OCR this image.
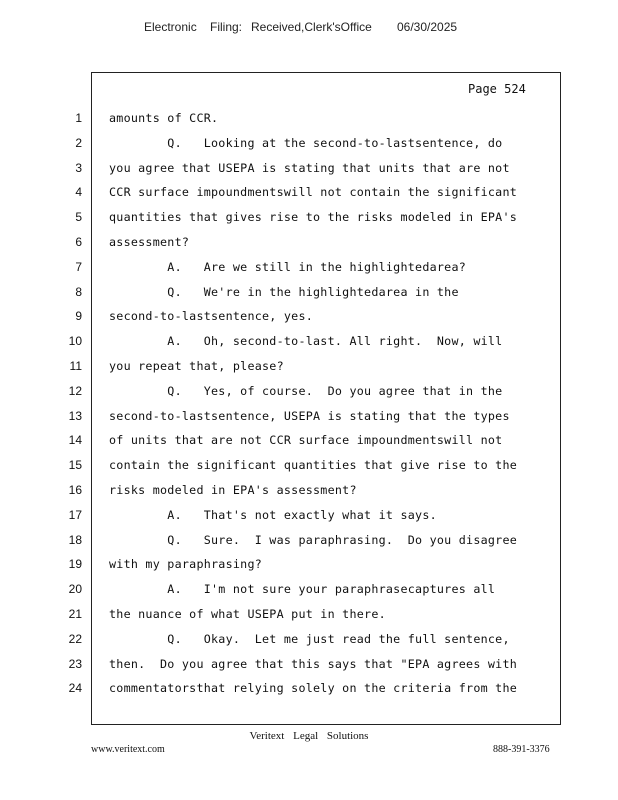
Electronic Filing: Received,Clerk'sOffice 06/30/2025
Page 524
1 amounts of CCR.
2 Q.   Looking at the second-to-lastsentence, do
3 you agree that USEPA is stating that units that are not
4 CCR surface impoundmentswill not contain the significant
5 quantities that gives rise to the risks modeled in EPA's
6 assessment?
7 A.   Are we still in the highlightedarea?
8 Q.   We're in the highlightedarea in the
9 second-to-lastsentence, yes.
10 A.   Oh, second-to-last. All right.  Now, will
11 you repeat that, please?
12 Q.   Yes, of course.  Do you agree that in the
13 second-to-lastsentence, USEPA is stating that the types
14 of units that are not CCR surface impoundmentswill not
15 contain the significant quantities that give rise to the
16 risks modeled in EPA's assessment?
17 A.   That's not exactly what it says.
18 Q.   Sure.  I was paraphrasing.  Do you disagree
19 with my paraphrasing?
20 A.   I'm not sure your paraphrasecaptures all
21 the nuance of what USEPA put in there.
22 Q.   Okay.  Let me just read the full sentence,
23 then.  Do you agree that this says that "EPA agrees with
24 commentatorsthat relying solely on the criteria from the
Veritext Legal Solutions
www.veritext.com	888-391-3376
